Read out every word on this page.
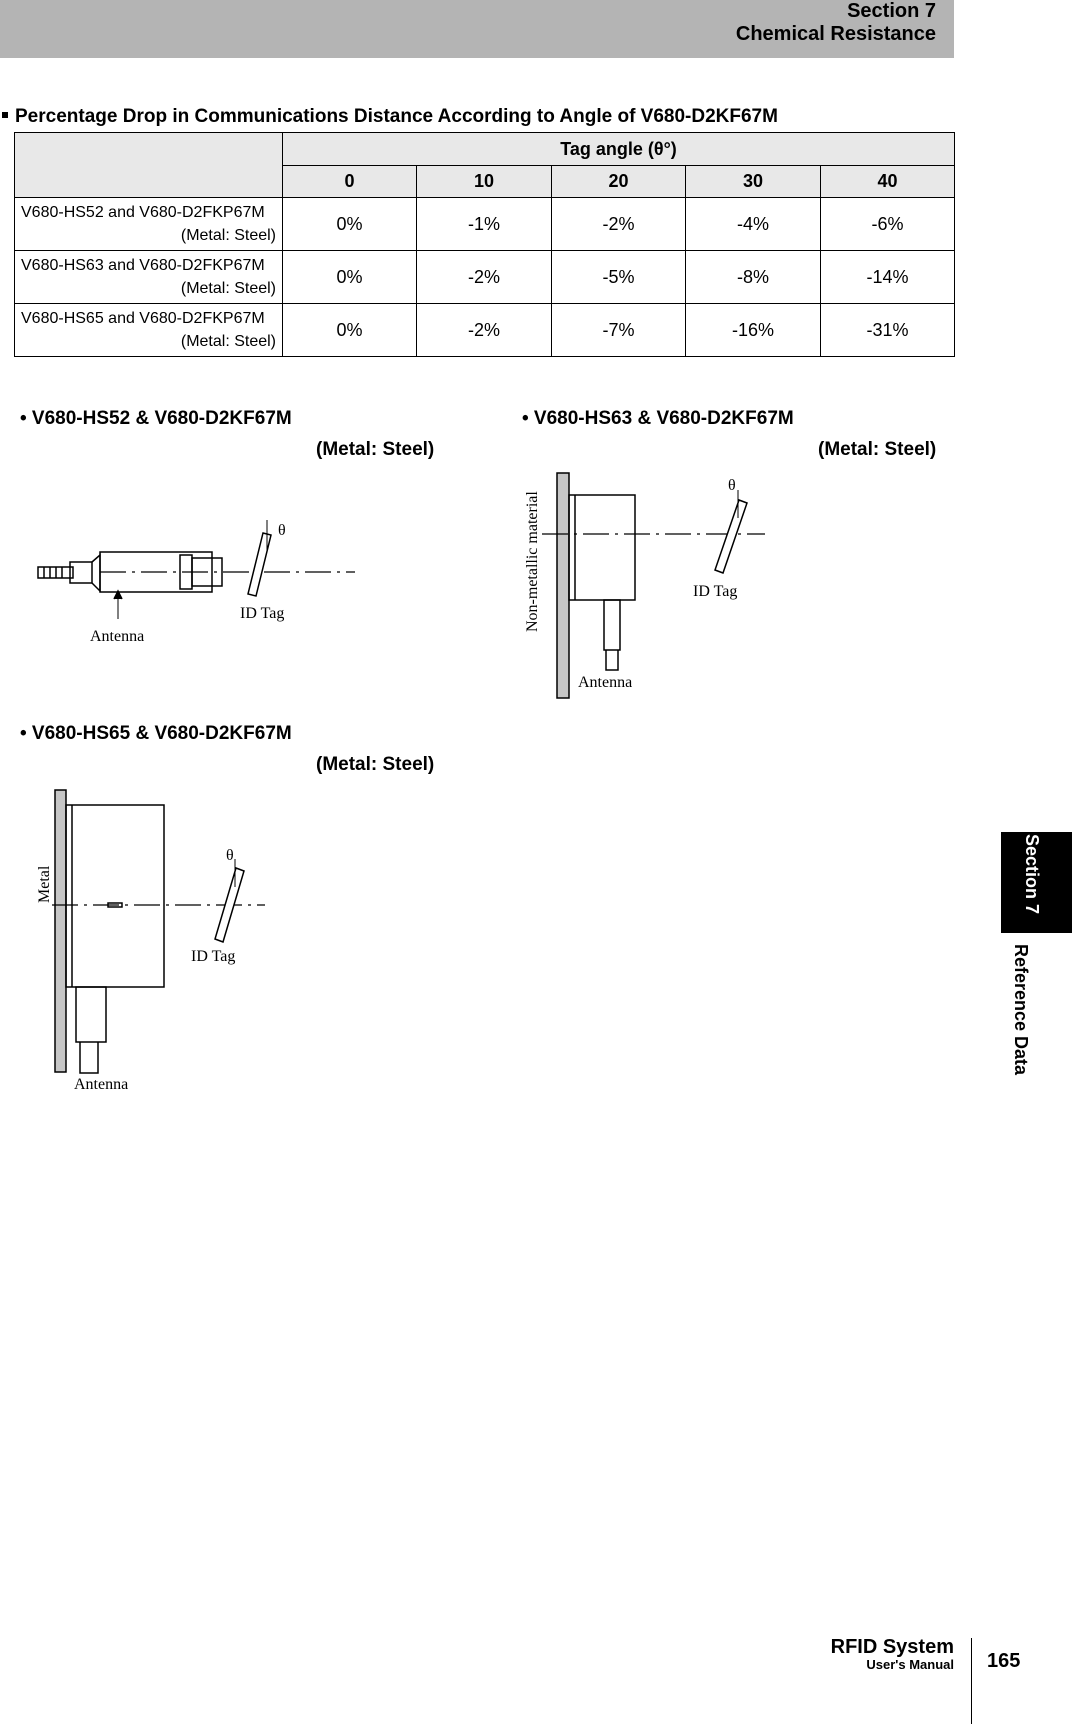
Section 7
Chemical Resistance
Percentage Drop in Communications Distance According to Angle of V680-D2KF67M
	Tag angle (θ°)				
	0	10	20	30	40
V680-HS52 and V680-D2FKP67M
(Metal: Steel)	0%	-1%	-2%	-4%	-6%
V680-HS63 and V680-D2FKP67M
(Metal: Steel)	0%	-2%	-5%	-8%	-14%
V680-HS65 and V680-D2FKP67M
(Metal: Steel)	0%	-2%	-7%	-16%	-31%
• V680-HS52 & V680-D2KF67M
(Metal: Steel)
θ
ID Tag
Antenna
• V680-HS63 & V680-D2KF67M
(Metal: Steel)
θ
ID Tag
Antenna
Non-metallic material
• V680-HS65 & V680-D2KF67M
(Metal: Steel)
θ
ID Tag
Antenna
Metal	Section 7
Reference Data
RFID System
User's Manual 165
